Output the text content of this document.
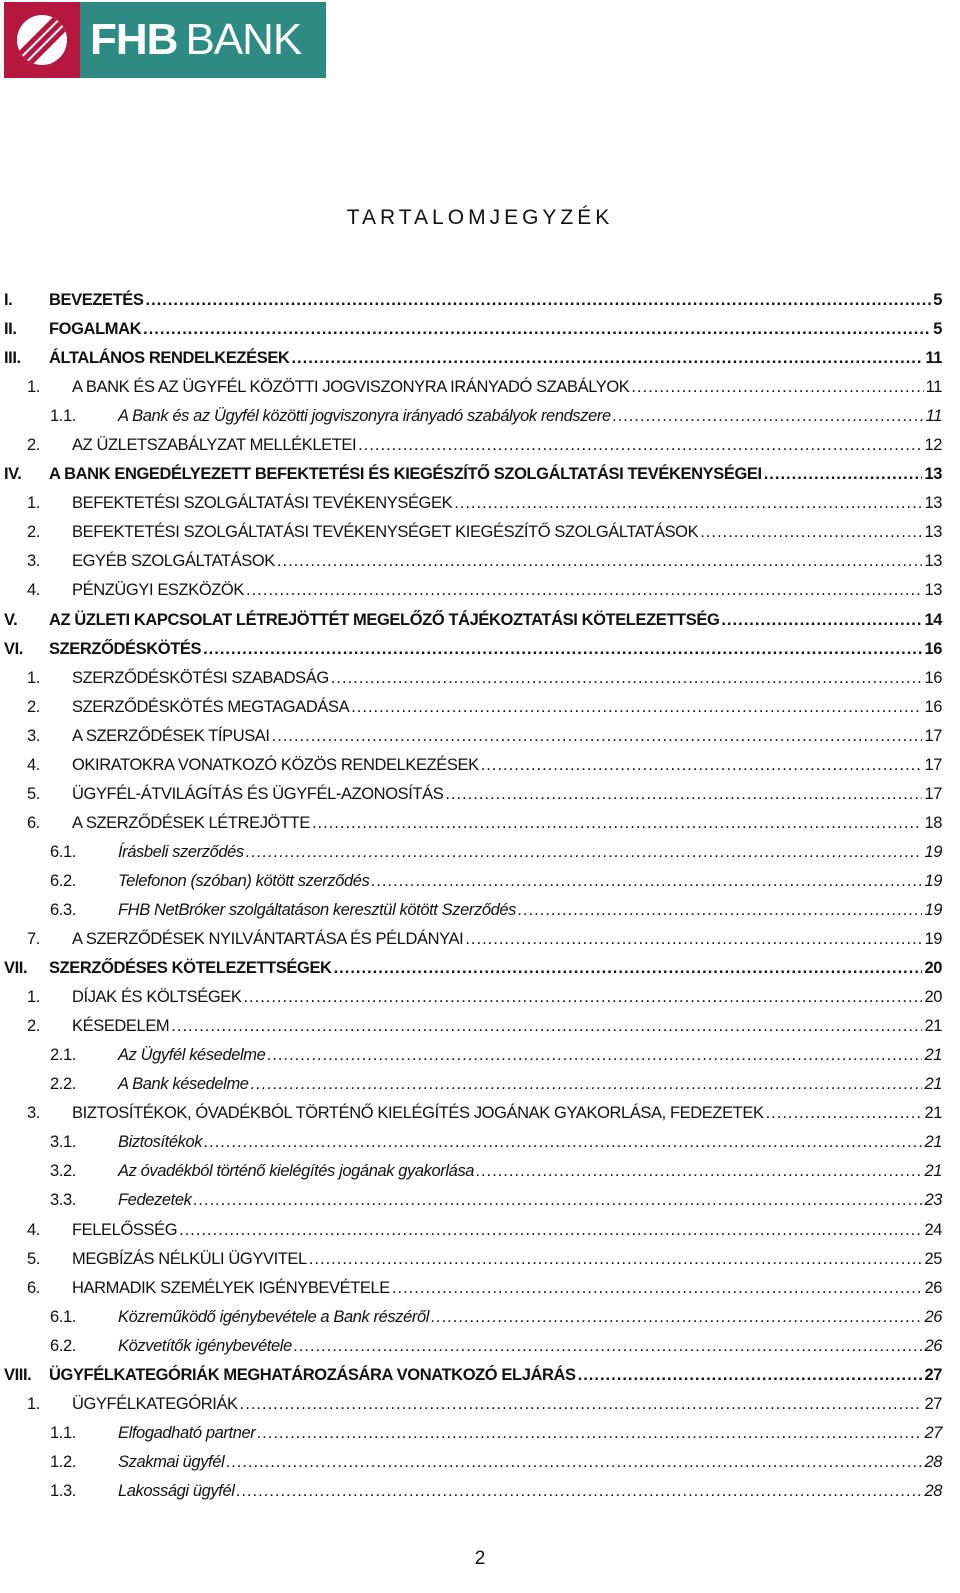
FHB BANK
TARTALOMJEGYZÉK
I. BEVEZETÉS .....	5
II. FOGALMAK .....	5
III. ÁLTALÁNOS RENDELKEZÉSEK .....	11
1. A BANK ÉS AZ ÜGYFÉL KÖZÖTTI JOGVISZONYRA IRÁNYADÓ SZABÁLYOK .....	11
1.1.	A Bank és az Ügyfél közötti jogviszonyra irányadó szabályok rendszere .....	11
2. AZ ÜZLETSZABÁLYZAT MELLÉKLETEI .....	12
IV. A BANK ENGEDÉLYEZETT BEFEKTETÉSI ÉS KIEGÉSZÍTŐ SZOLGÁLTATÁSI TEVÉKENYSÉGEI .....	13
1. BEFEKTETÉSI SZOLGÁLTATÁSI TEVÉKENYSÉGEK .....	13
2. BEFEKTETÉSI SZOLGÁLTATÁSI TEVÉKENYSÉGET KIEGÉSZÍTŐ SZOLGÁLTATÁSOK .....	13
3. EGYÉB SZOLGÁLTATÁSOK .....	13
4. PÉNZÜGYI ESZKÖZÖK .....	13
V. AZ ÜZLETI KAPCSOLAT LÉTREJÖTTÉT MEGELŐZŐ TÁJÉKOZTATÁSI KÖTELEZETTSÉG .....	14
VI. SZERZŐDÉSKÖTÉS .....	16
1. SZERZŐDÉSKÖTÉSI SZABADSÁG .....	16
2. SZERZŐDÉSKÖTÉS MEGTAGADÁSA .....	16
3. A SZERZŐDÉSEK TÍPUSAI .....	17
4. OKIRATOKRA VONATKOZÓ KÖZÖS RENDELKEZÉSEK .....	17
5. ÜGYFÉL-ÁTVILÁGÍTÁS ÉS ÜGYFÉL-AZONOSÍTÁS .....	17
6. A SZERZŐDÉSEK LÉTREJÖTTE .....	18
6.1.	Írásbeli szerződés .....	19
6.2.	Telefonon (szóban) kötött szerződés .....	19
6.3.	FHB NetBróker szolgáltatáson keresztül kötött Szerződés .....	19
7. A SZERZŐDÉSEK NYILVÁNTARTÁSA ÉS PÉLDÁNYAI .....	19
VII. SZERZŐDÉSES KÖTELEZETTSÉGEK .....	20
1. DÍJAK ÉS KÖLTSÉGEK .....	20
2. KÉSEDELEM .....	21
2.1.	Az Ügyfél késedelme .....	21
2.2.	A Bank késedelme .....	21
3. BIZTOSÍTÉKOK, ÓVADÉKBÓL TÖRTÉNŐ KIELÉGÍTÉS JOGÁNAK GYAKORLÁSA, FEDEZETEK .....	21
3.1.	Biztosítékok .....	21
3.2.	Az óvadékból történő kielégítés jogának gyakorlása .....	21
3.3.	Fedezetek .....	23
4. FELELŐSSÉG .....	24
5. MEGBÍZÁS NÉLKÜLI ÜGYVITEL .....	25
6. HARMADIK SZEMÉLYEK IGÉNYBEVÉTELE .....	26
6.1.	Közreműködő igénybevétele a Bank részéről .....	26
6.2.	Közvetítők igénybevétele .....	26
VIII. ÜGYFÉLKATEGÓRIÁK MEGHATÁROZÁSÁRA VONATKOZÓ ELJÁRÁS .....	27
1. ÜGYFÉLKATEGÓRIÁK .....	27
1.1.	Elfogadható partner .....	27
1.2.	Szakmai ügyfél .....	28
1.3.	Lakossági ügyfél .....	28
2
